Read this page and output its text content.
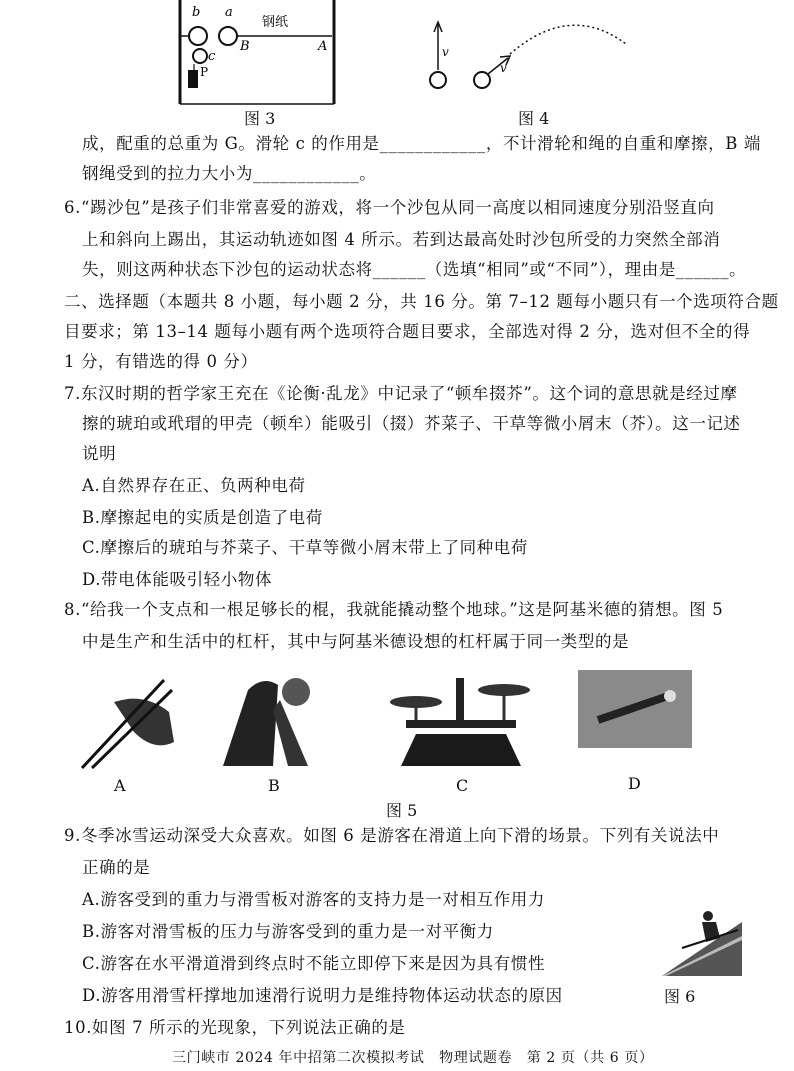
b a
c
B	A
P
钢纸
图 3
v
v
图 4
成，配重的总重为 G。滑轮 c 的作用是____________，不计滑轮和绳的自重和摩擦，B 端
钢绳受到的拉力大小为____________。
6.“踢沙包”是孩子们非常喜爱的游戏，将一个沙包从同一高度以相同速度分别沿竖直向
上和斜向上踢出，其运动轨迹如图 4 所示。若到达最高处时沙包所受的力突然全部消
失，则这两种状态下沙包的运动状态将______（选填“相同”或“不同”），理由是______。
二、选择题（本题共 8 小题，每小题 2 分，共 16 分。第 7–12 题每小题只有一个选项符合题
目要求；第 13–14 题每小题有两个选项符合题目要求，全部选对得 2 分，选对但不全的得
1 分，有错选的得 0 分）
7.东汉时期的哲学家王充在《论衡·乱龙》中记录了“顿牟掇芥”。这个词的意思就是经过摩
擦的琥珀或玳瑁的甲壳（顿牟）能吸引（掇）芥菜子、干草等微小屑末（芥）。这一记述
说明
A.自然界存在正、负两种电荷
B.摩擦起电的实质是创造了电荷
C.摩擦后的琥珀与芥菜子、干草等微小屑末带上了同种电荷
D.带电体能吸引轻小物体
8.“给我一个支点和一根足够长的棍，我就能撬动整个地球。”这是阿基米德的猜想。图 5
中是生产和生活中的杠杆，其中与阿基米德设想的杠杆属于同一类型的是
A	B	C	D
图 5
9.冬季冰雪运动深受大众喜欢。如图 6 是游客在滑道上向下滑的场景。下列有关说法中
正确的是
A.游客受到的重力与滑雪板对游客的支持力是一对相互作用力
B.游客对滑雪板的压力与游客受到的重力是一对平衡力
C.游客在水平滑道滑到终点时不能立即停下来是因为具有惯性
D.游客用滑雪杆撑地加速滑行说明力是维持物体运动状态的原因
10.如图 7 所示的光现象，下列说法正确的是
图 6
三门峡市 2024 年中招第二次模拟考试　物理试题卷　第 2 页（共 6 页）
